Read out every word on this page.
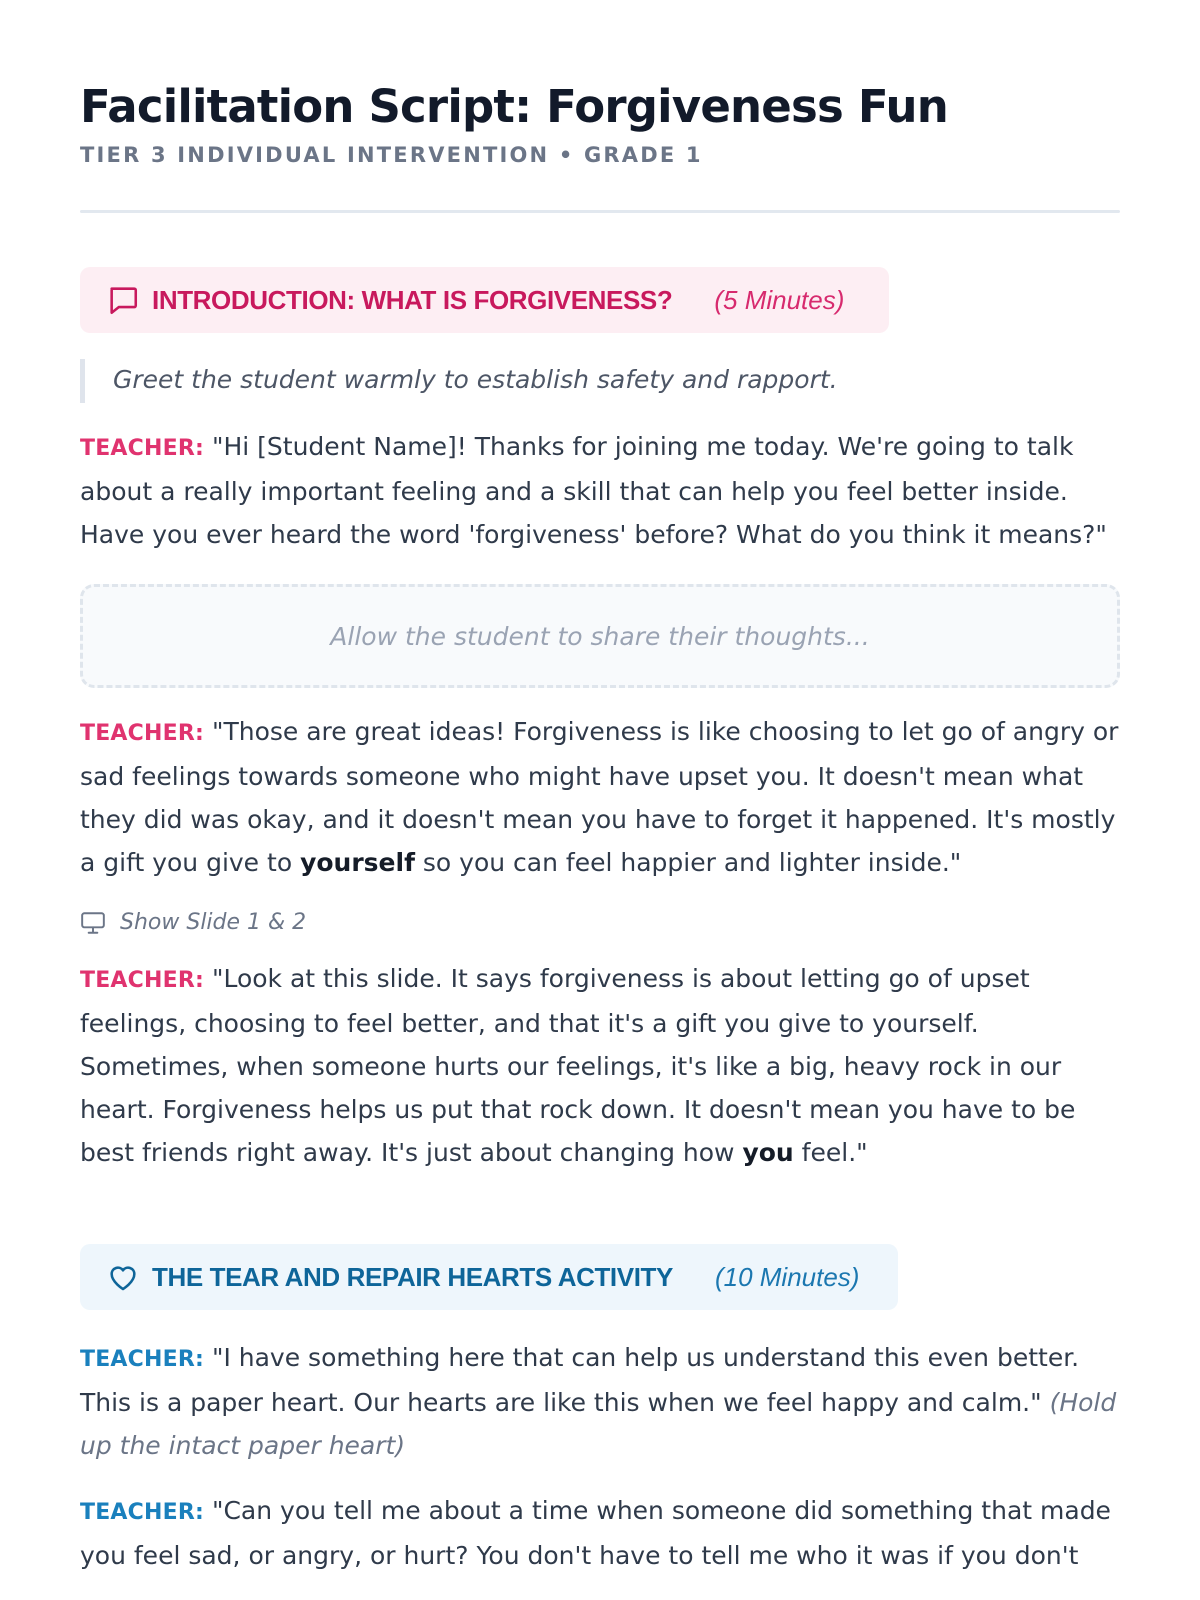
Facilitation Script: Forgiveness Fun
TIER 3 INDIVIDUAL INTERVENTION • GRADE 1
INTRODUCTION: WHAT IS FORGIVENESS? (5 Minutes)
Greet the student warmly to establish safety and rapport.
TEACHER: "Hi [Student Name]! Thanks for joining me today. We're going to talk about a really important feeling and a skill that can help you feel better inside. Have you ever heard the word 'forgiveness' before? What do you think it means?"
Allow the student to share their thoughts...
TEACHER: "Those are great ideas! Forgiveness is like choosing to let go of angry or sad feelings towards someone who might have upset you. It doesn't mean what they did was okay, and it doesn't mean you have to forget it happened. It's mostly a gift you give to yourself so you can feel happier and lighter inside."
Show Slide 1 & 2
TEACHER: "Look at this slide. It says forgiveness is about letting go of upset feelings, choosing to feel better, and that it's a gift you give to yourself. Sometimes, when someone hurts our feelings, it's like a big, heavy rock in our heart. Forgiveness helps us put that rock down. It doesn't mean you have to be best friends right away. It's just about changing how you feel."
THE TEAR AND REPAIR HEARTS ACTIVITY (10 Minutes)
TEACHER: "I have something here that can help us understand this even better. This is a paper heart. Our hearts are like this when we feel happy and calm." (Hold up the intact paper heart)
TEACHER: "Can you tell me about a time when someone did something that made you feel sad, or angry, or hurt? You don't have to tell me who it was if you don't
